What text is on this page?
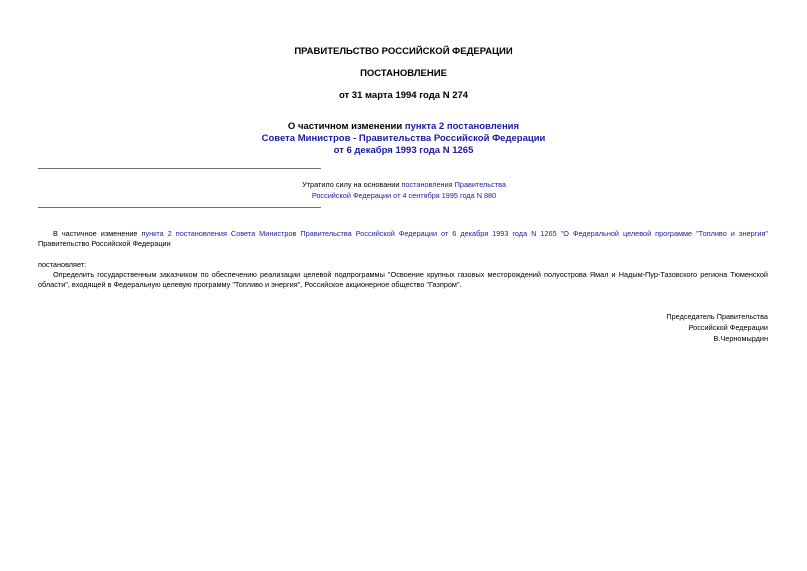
ПРАВИТЕЛЬСТВО РОССИЙСКОЙ ФЕДЕРАЦИИ
ПОСТАНОВЛЕНИЕ
от 31 марта 1994 года N 274
О частичном изменении пункта 2 постановления
Совета Министров - Правительства Российской Федерации
от 6 декабря 1993 года N 1265
Утратило силу на основании постановления Правительства
Российской Федерации от 4 сентября 1995 года N 880
В частичное изменение пункта 2 постановления Совета Министров Правительства Российской Федерации от 6 декабря 1993 года N 1265 "О Федеральной целевой программе "Топливо и энергия" Правительство Российской Федерации
постановляет:
Определить государственным заказчиком по обеспечению реализации целевой подпрограммы "Освоение крупных газовых месторождений полуострова Ямал и Надым-Пур-Тазовского региона Тюменской области", входящей в Федеральную целевую программу "Топливо и энергия", Российское акционерное общество "Газпром".
Председатель Правительства
Российской Федерации
В.Черномырдин
